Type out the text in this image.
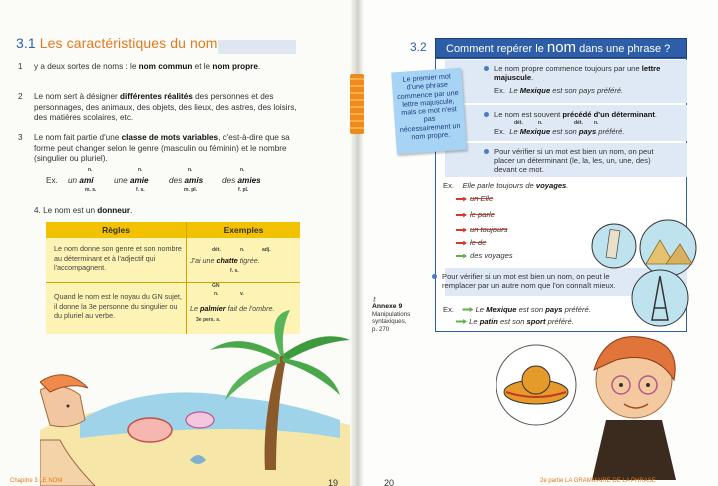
3.1 Les caractéristiques du nom
1	y a deux sortes de noms : le nom commun et le nom propre.
2	Le nom sert à désigner différentes réalités des personnes et des personnages, des animaux, des objets, des lieux, des astres, des loisirs, des matières scolaires, etc.
3	Le nom fait partie d'une classe de mots variables, c'est-à-dire que sa forme peut changer selon le genre (masculin ou féminin) et le nombre (singulier ou pluriel).
Ex.
n.
un ami
m. s.
n.
une amie
f. s.
n.
des amis
m. pl.
n.
des amies
f. pl.
4. Le nom est un donneur.
Règles	Exemples
Le nom donne son genre et son nombre au déterminant et à l'adjectif qui l'accompagnent.
dét.	n.	adj.
J'ai une chatte tigrée.
f. s.
Quand le nom est le noyau du GN sujet, il donne la 3e personne du singulier ou du pluriel au verbe.
GN
n.	v.
Le palmier fait de l'ombre.
3e pers. s.
Chapitre 3 LE NOM	19
3.2	Comment repérer le nom dans une phrase ?
Le premier mot d'une phrase commence par une lettre majuscule, mais ce mot n'est pas nécessairement un nom propre.
Le nom propre commence toujours par une lettre majuscule.
Ex. Le Mexique est son pays préféré.
Le nom est souvent précédé d'un déterminant.
dét.	n.	dét. n.
Ex. Le Mexique est son pays préféré.
Pour vérifier si un mot est bien un nom, on peut placer un déterminant (le, la, les, un, une, des) devant ce mot.
Ex. Elle parle toujours de voyages.
un Elle
le parle
un toujours
le de
des voyages
Pour vérifier si un mot est bien un nom, on peut le remplacer par un autre nom que l'on connaît mieux.
Ex.	Le Mexique est son pays préféré.
Le patin est son sport préféré.
⚷
Annexe 9
Manipulations
syntaxiques,
p. 270
2e partie LA GRAMMAIRE DE LA PHRASE
20
